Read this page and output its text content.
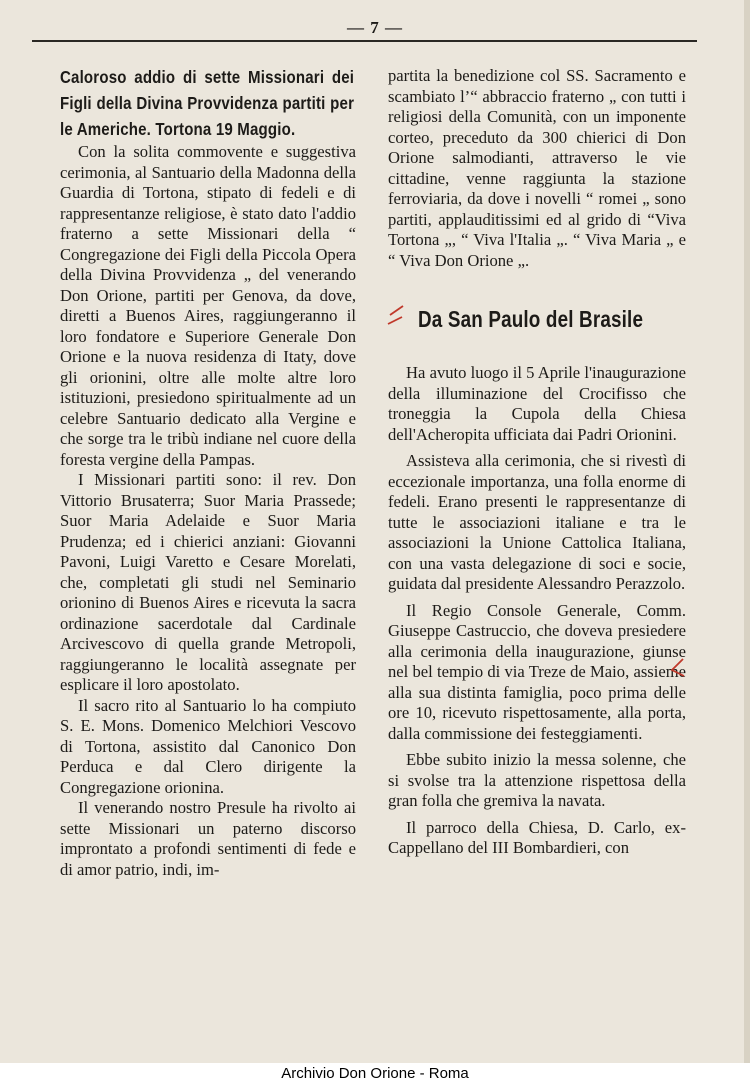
— 7 —

Caloroso addio di sette Missionari dei Figli della Divina Provvidenza partiti per le Americhe. Tortona 19 Maggio.

Con la solita commovente e suggestiva cerimonia, al Santuario della Madonna della Guardia di Tortona, stipato di fedeli e di rappresentanze religiose, è stato dato l'addio fraterno a sette Missionari della “ Congregazione dei Figli della Piccola Opera della Divina Provvidenza „ del venerando Don Orione, partiti per Genova, da dove, diretti a Buenos Aires, raggiungeranno il loro fondatore e Superiore Generale Don Orione e la nuova residenza di Itaty, dove gli orionini, oltre alle molte altre loro istituzioni, presiedono spiritualmente ad un celebre Santuario dedicato alla Vergine e che sorge tra le tribù indiane nel cuore della foresta vergine della Pampas.

I Missionari partiti sono: il rev. Don Vittorio Brusaterra; Suor Maria Prassede; Suor Maria Adelaide e Suor Maria Prudenza; ed i chierici anziani: Giovanni Pavoni, Luigi Varetto e Cesare Morelati, che, completati gli studi nel Seminario orionino di Buenos Aires e ricevuta la sacra ordinazione sacerdotale dal Cardinale Arcivescovo di quella grande Metropoli, raggiungeranno le località assegnate per esplicare il loro apostolato.

Il sacro rito al Santuario lo ha compiuto S. E. Mons. Domenico Melchiori Vescovo di Tortona, assistito dal Canonico Don Perduca e dal Clero dirigente la Congregazione orionina.

Il venerando nostro Presule ha rivolto ai sette Missionari un paterno discorso improntato a profondi sentimenti di fede e di amor patrio, indi, im-

partita la benedizione col SS. Sacramento e scambiato l’“ abbraccio fraterno „ con tutti i religiosi della Comunità, con un imponente corteo, preceduto da 300 chierici di Don Orione salmodianti, attraverso le vie cittadine, venne raggiunta la stazione ferroviaria, da dove i novelli “ romei „ sono partiti, applauditissimi ed al grido di “Viva Tortona „, “ Viva l'Italia „. “ Viva Maria „ e “ Viva Don Orione „.

Da San Paulo del Brasile

Ha avuto luogo il 5 Aprile l'inaugurazione della illuminazione del Crocifisso che troneggia la Cupola della Chiesa dell'Acheropita ufficiata dai Padri Orionini.

Assisteva alla cerimonia, che si rivestì di eccezionale importanza, una folla enorme di fedeli. Erano presenti le rappresentanze di tutte le associazioni italiane e tra le associazioni la Unione Cattolica Italiana, con una vasta delegazione di soci e socie, guidata dal presidente Alessandro Perazzolo.

Il Regio Console Generale, Comm. Giuseppe Castruccio, che doveva presiedere alla cerimonia della inaugurazione, giunse nel bel tempio di via Treze de Maio, assieme alla sua distinta famiglia, poco prima delle ore 10, ricevuto rispettosamente, alla porta, dalla commissione dei festeggiamenti.

Ebbe subito inizio la messa solenne, che si svolse tra la attenzione rispettosa della gran folla che gremiva la navata.

Il parroco della Chiesa, D. Carlo, ex-Cappellano del III Bombardieri, con

Archivio Don Orione - Roma
